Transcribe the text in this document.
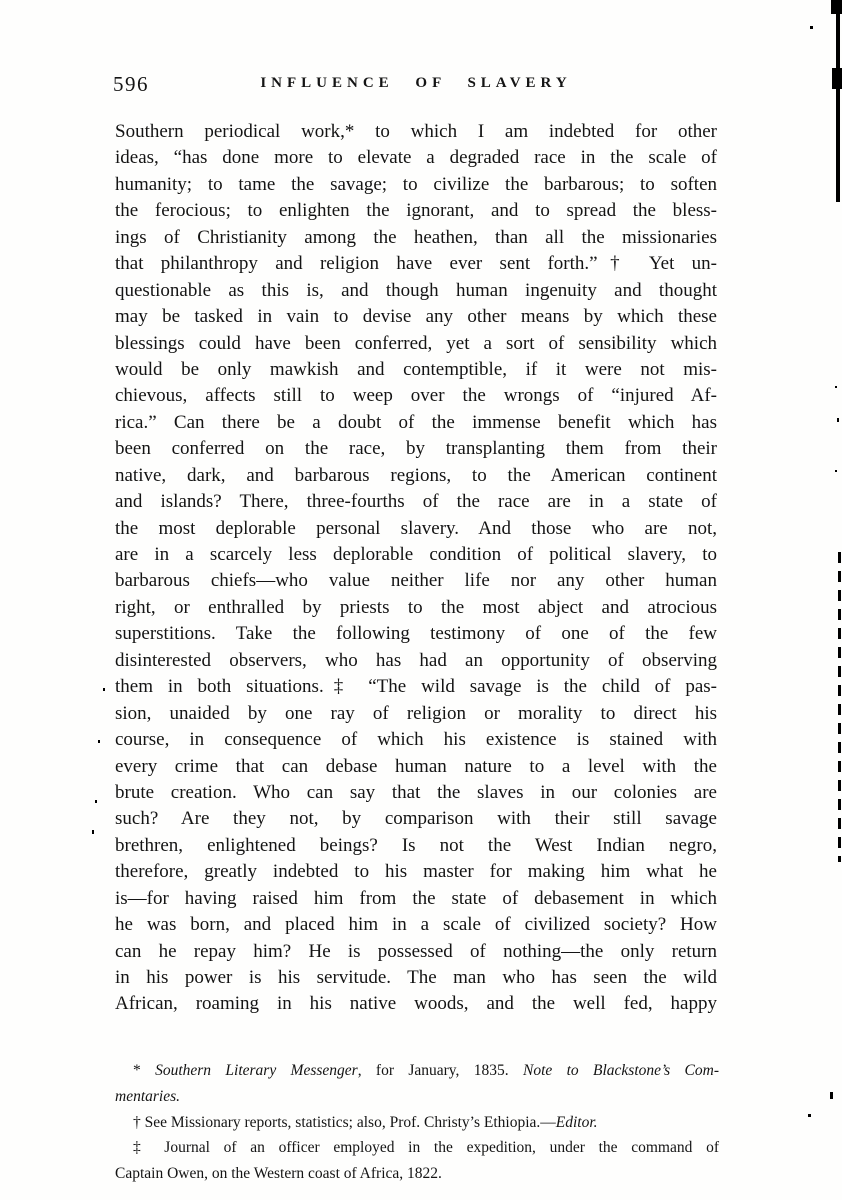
596	INFLUENCE OF SLAVERY
Southern periodical work,* to which I am indebted for other
ideas, “has done more to elevate a degraded race in the scale of
humanity; to tame the savage; to civilize the barbarous; to soften
the ferocious; to enlighten the ignorant, and to spread the bless-
ings of Christianity among the heathen, than all the missionaries
that philanthropy and religion have ever sent forth.”† Yet un-
questionable as this is, and though human ingenuity and thought
may be tasked in vain to devise any other means by which these
blessings could have been conferred, yet a sort of sensibility which
would be only mawkish and contemptible, if it were not mis-
chievous, affects still to weep over the wrongs of “injured Af-
rica.” Can there be a doubt of the immense benefit which has
been conferred on the race, by transplanting them from their
native, dark, and barbarous regions, to the American continent
and islands? There, three-fourths of the race are in a state of
the most deplorable personal slavery. And those who are not,
are in a scarcely less deplorable condition of political slavery, to
barbarous chiefs—who value neither life nor any other human
right, or enthralled by priests to the most abject and atrocious
superstitions. Take the following testimony of one of the few
disinterested observers, who has had an opportunity of observing
them in both situations.‡ “The wild savage is the child of pas-
sion, unaided by one ray of religion or morality to direct his
course, in consequence of which his existence is stained with
every crime that can debase human nature to a level with the
brute creation. Who can say that the slaves in our colonies are
such? Are they not, by comparison with their still savage
brethren, enlightened beings? Is not the West Indian negro,
therefore, greatly indebted to his master for making him what he
is—for having raised him from the state of debasement in which
he was born, and placed him in a scale of civilized society? How
can he repay him? He is possessed of nothing—the only return
in his power is his servitude. The man who has seen the wild
African, roaming in his native woods, and the well fed, happy
* Southern Literary Messenger, for January, 1835. Note to Blackstone’s Com-
mentaries.
† See Missionary reports, statistics; also, Prof. Christy’s Ethiopia.—Editor.
‡ Journal of an officer employed in the expedition, under the command of
Captain Owen, on the Western coast of Africa, 1822.
